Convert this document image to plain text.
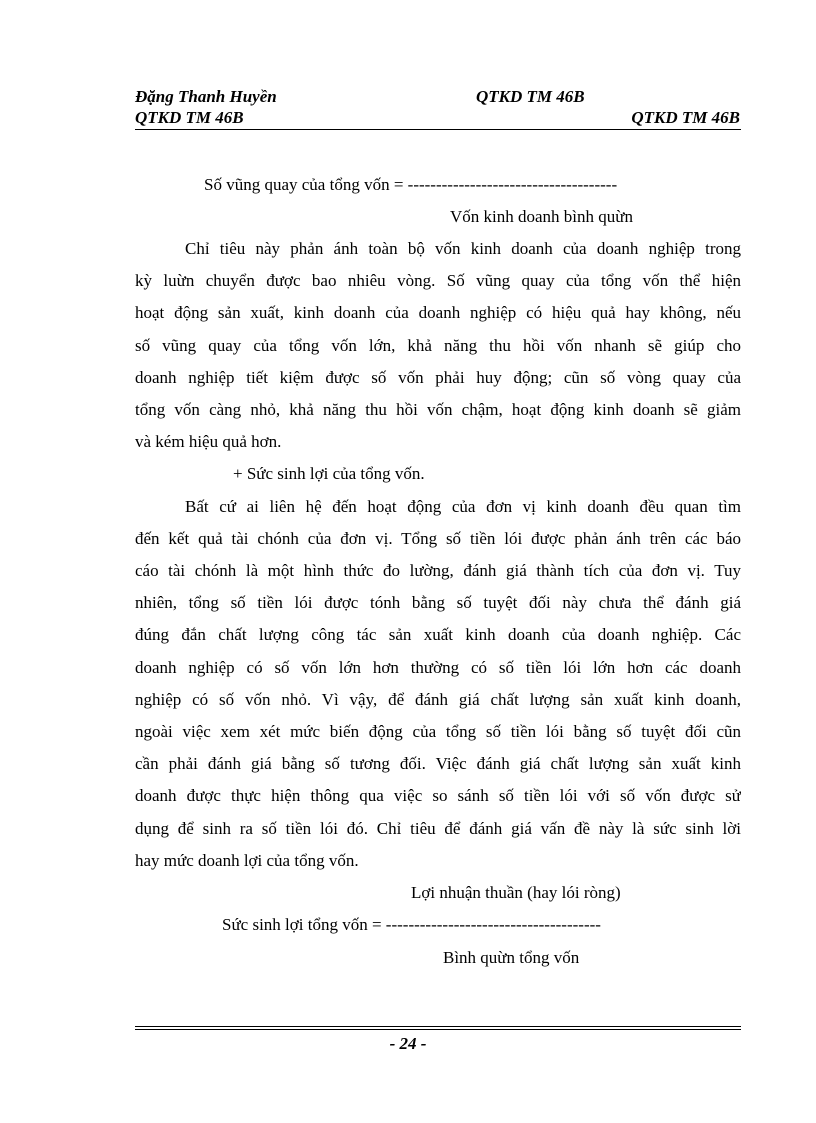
Đặng Thanh Huyền	QTKD TM 46B
QTKD TM 46B	QTKD TM 46B
Số vũng quay của tổng vốn = -------------------------------------
Vốn kinh doanh bình quừn
Chỉ tiêu này phản ánh toàn bộ vốn kinh doanh của doanh nghiệp trong
kỳ luừn chuyển được bao nhiêu vòng. Số vũng quay của tổng vốn thể hiện
hoạt động sản xuất, kinh doanh của doanh nghiệp có hiệu quả hay không, nếu
số vũng quay của tổng vốn lớn, khả năng thu hồi vốn nhanh sẽ giúp cho
doanh nghiệp tiết kiệm được số vốn phải huy động; cũn số vòng quay của
tổng vốn càng nhỏ, khả năng thu hồi vốn chậm, hoạt động kinh doanh sẽ giảm
và kém hiệu quả hơn.
+ Sức sinh lợi của tổng vốn.
Bất cứ ai liên hệ đến hoạt động của đơn vị kinh doanh đều quan tìm
đến kết quả tài chónh của đơn vị. Tổng số tiền lói được phản ánh trên các báo
cáo tài chónh là một hình thức đo lường, đánh giá thành tích của đơn vị. Tuy
nhiên, tổng số tiền lói được tónh bằng số tuyệt đối này chưa thể đánh giá
đúng đắn chất lượng công tác sản xuất kinh doanh của doanh nghiệp. Các
doanh nghiệp có số vốn lớn hơn thường có số tiền lói lớn hơn các doanh
nghiệp có số vốn nhỏ. Vì vậy, để đánh giá chất lượng sản xuất kinh doanh,
ngoài việc xem xét mức biến động của tổng số tiền lói bằng số tuyệt đối cũn
cần phải đánh giá bằng số tương đối. Việc đánh giá chất lượng sản xuất kinh
doanh được thực hiện thông qua việc so sánh số tiền lói với số vốn được sử
dụng để sinh ra số tiền lói đó. Chỉ tiêu để đánh giá vấn đề này là sức sinh lời
hay mức doanh lợi của tổng vốn.
Lợi nhuận thuần (hay lói ròng)
Sức sinh lợi tổng vốn = --------------------------------------
Bình quừn tổng vốn
- 24 -
